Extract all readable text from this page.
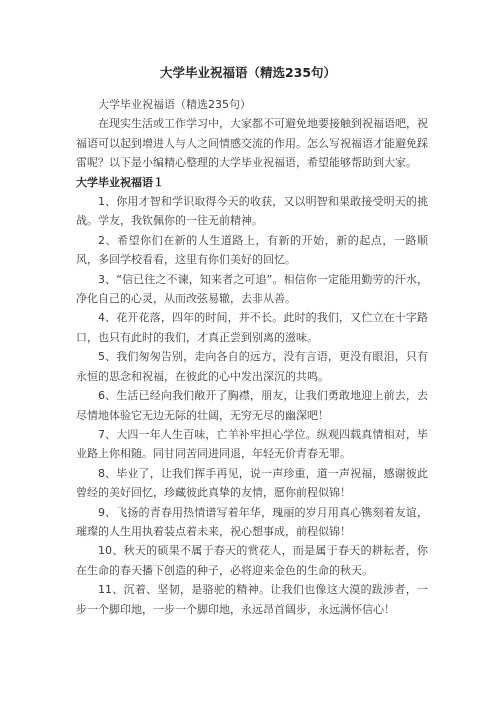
大学毕业祝福语（精选235句）

大学毕业祝福语（精选235句）

在现实生活或工作学习中，大家都不可避免地要接触到祝福语吧，祝福语可以起到增进人与人之间情感交流的作用。怎么写祝福语才能避免踩雷呢？以下是小编精心整理的大学毕业祝福语，希望能够帮助到大家。

大学毕业祝福语１

1、你用才智和学识取得今天的收获，又以明智和果敢接受明天的挑战。学友，我钦佩你的一往无前精神。

2、希望你们在新的人生道路上，有新的开始，新的起点，一路顺风，多回学校看看，这里有你们美好的回忆。

3、“信已往之不谏，知来者之可追”。相信你一定能用勤劳的汗水，净化自己的心灵，从而改弦易辙，去非从善。

4、花开花落，四年的时间，并不长。此时的我们，又伫立在十字路口，也只有此时的我们，才真正尝到别离的滋味。

5、我们匆匆告别，走向各自的远方，没有言语，更没有眼泪，只有永恒的思念和祝福，在彼此的心中发出深沉的共鸣。

6、生活已经向我们敞开了胸襟，朋友，让我们勇敢地迎上前去，去尽情地体验它无边无际的壮阔，无穷无尽的幽深吧！

7、大四一年人生百味，亡羊补牢担心学位。纵观四载真情相对，毕业路上你相随。同甘同苦同进同退，年轻无价青春无罪。

8、毕业了，让我们挥手再见，说一声珍重，道一声祝福，感谢彼此曾经的美好回忆，珍藏彼此真挚的友情，愿你前程似锦！

9、飞扬的青春用热情谱写着年华，瑰丽的岁月用真心镌刻着友谊，璀璨的人生用执着装点着未来，祝心想事成，前程似锦！

10、秋天的硕果不属于春天的赏花人，而是属于春天的耕耘者，你在生命的春天播下创造的种子，必将迎来金色的生命的秋天。

11、沉着、坚韧，是骆驼的精神。让我们也像这大漠的跋涉者，一步一个脚印地，一步一个脚印地，永远昂首阔步，永远满怀信心！
